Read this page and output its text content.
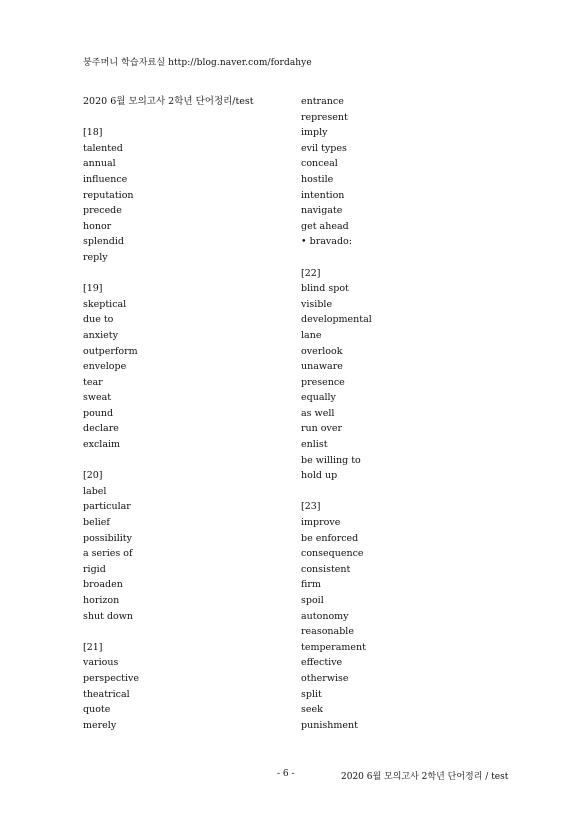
붕주머니 학습자료실 http://blog.naver.com/fordahye
2020 6월 모의고사 2학년 단어정리/test
[18]
talented
annual
influence
reputation
precede
honor
splendid
reply
[19]
skeptical
due to
anxiety
outperform
envelope
tear
sweat
pound
declare
exclaim
[20]
label
particular
belief
possibility
a series of
rigid
broaden
horizon
shut down
[21]
various
perspective
theatrical
quote
merely
entrance
represent
imply
evil types
conceal
hostile
intention
navigate
get ahead
• bravado:
[22]
blind spot
visible
developmental
lane
overlook
unaware
presence
equally
as well
run over
enlist
be willing to
hold up
[23]
improve
be enforced
consequence
consistent
firm
spoil
autonomy
reasonable
temperament
effective
otherwise
split
seek
punishment
- 6 -	2020 6월 모의고사 2학년 단어정리 / test
